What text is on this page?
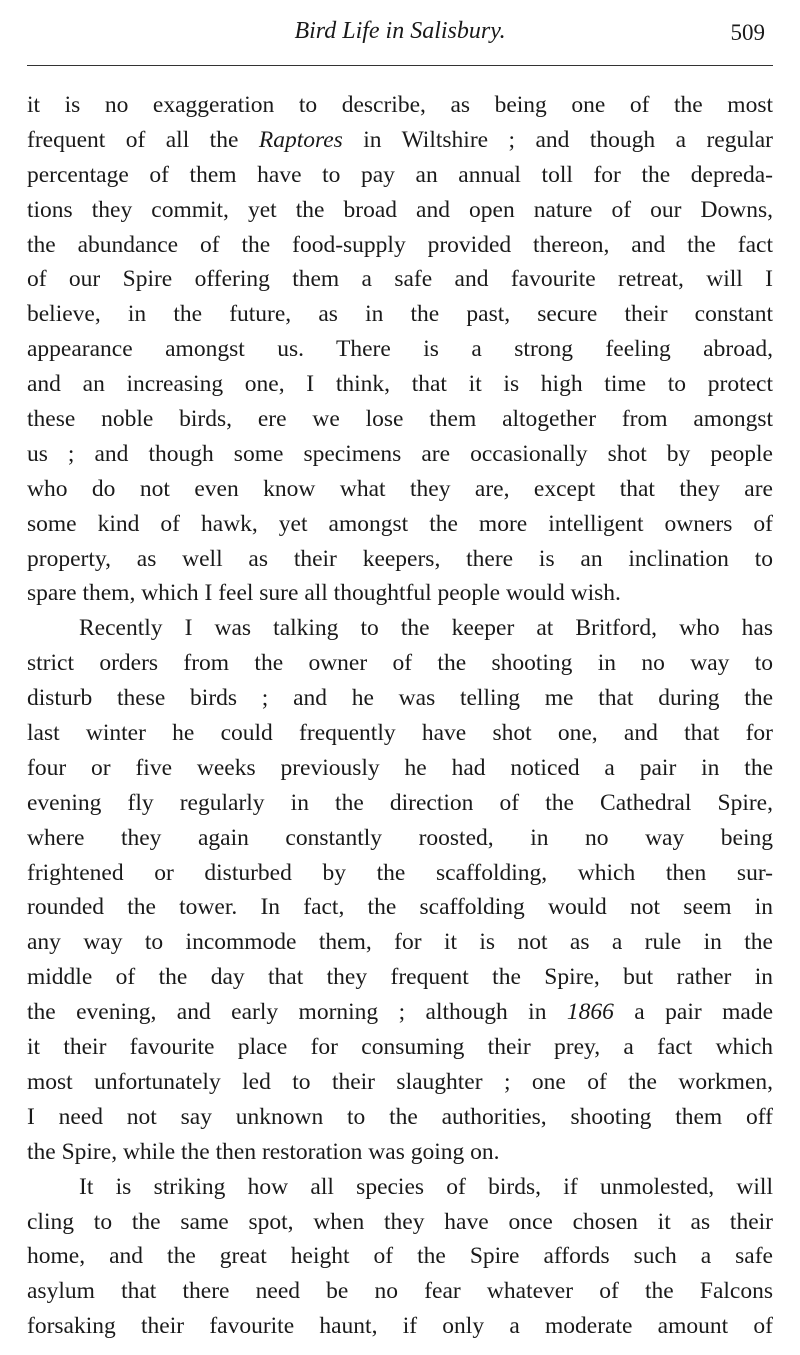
Bird Life in Salisbury.	509
it is no exaggeration to describe, as being one of the most
frequent of all the Raptores in Wiltshire ; and though a regular
percentage of them have to pay an annual toll for the depreda-
tions they commit, yet the broad and open nature of our Downs,
the abundance of the food-supply provided thereon, and the fact
of our Spire offering them a safe and favourite retreat, will I
believe, in the future, as in the past, secure their constant
appearance amongst us. There is a strong feeling abroad,
and an increasing one, I think, that it is high time to protect
these noble birds, ere we lose them altogether from amongst
us ; and though some specimens are occasionally shot by people
who do not even know what they are, except that they are
some kind of hawk, yet amongst the more intelligent owners of
property, as well as their keepers, there is an inclination to
spare them, which I feel sure all thoughtful people would wish.
Recently I was talking to the keeper at Britford, who has
strict orders from the owner of the shooting in no way to
disturb these birds ; and he was telling me that during the
last winter he could frequently have shot one, and that for
four or five weeks previously he had noticed a pair in the
evening fly regularly in the direction of the Cathedral Spire,
where they again constantly roosted, in no way being
frightened or disturbed by the scaffolding, which then sur-
rounded the tower. In fact, the scaffolding would not seem in
any way to incommode them, for it is not as a rule in the
middle of the day that they frequent the Spire, but rather in
the evening, and early morning ; although in 1866 a pair made
it their favourite place for consuming their prey, a fact which
most unfortunately led to their slaughter ; one of the workmen,
I need not say unknown to the authorities, shooting them off
the Spire, while the then restoration was going on.
It is striking how all species of birds, if unmolested, will
cling to the same spot, when they have once chosen it as their
home, and the great height of the Spire affords such a safe
asylum that there need be no fear whatever of the Falcons
forsaking their favourite haunt, if only a moderate amount of
